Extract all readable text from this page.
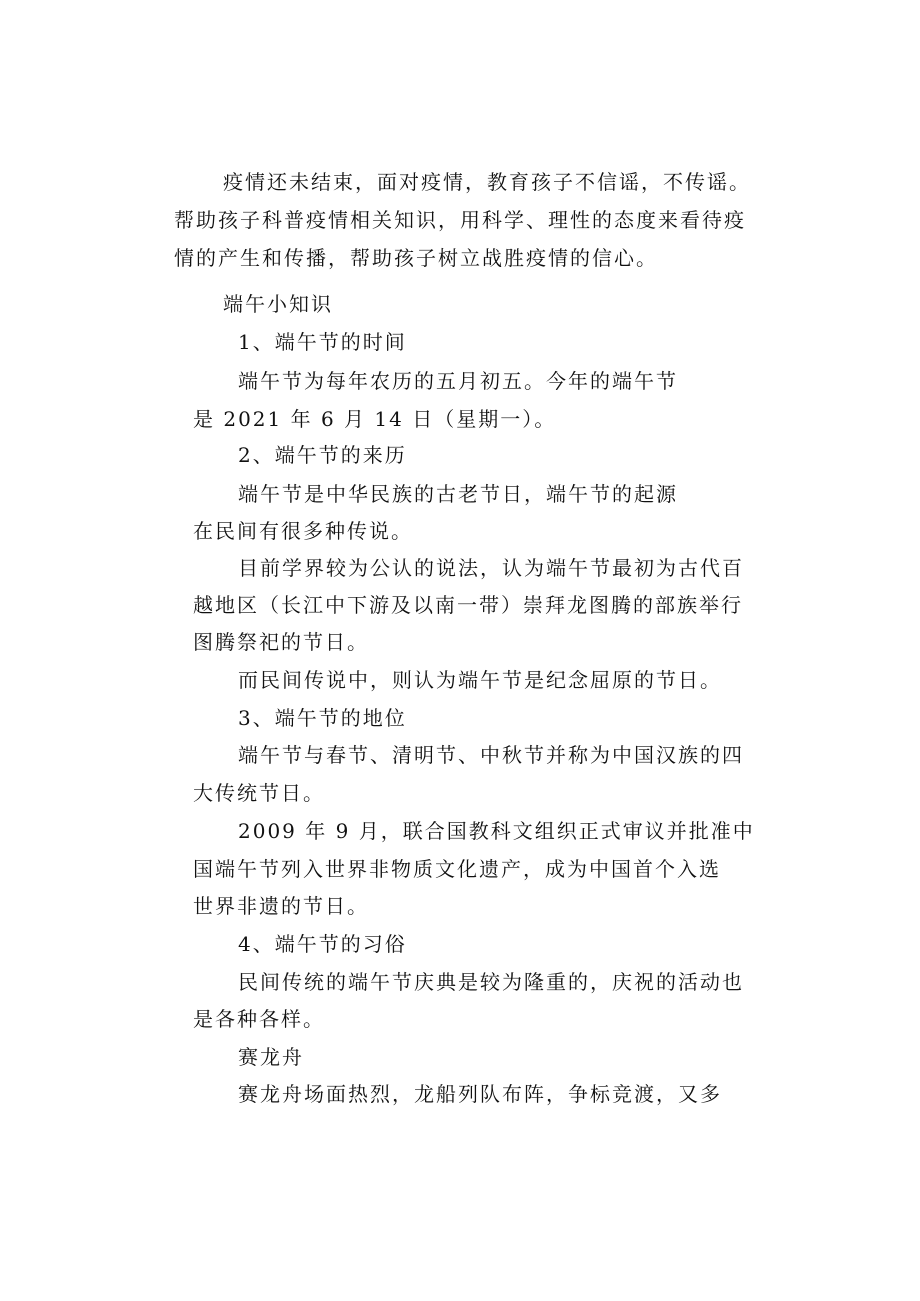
疫情还未结束，面对疫情，教育孩子不信谣，不传谣。
帮助孩子科普疫情相关知识，用科学、理性的态度来看待疫
情的产生和传播，帮助孩子树立战胜疫情的信心。
端午小知识
1、端午节的时间
端午节为每年农历的五月初五。今年的端午节
是 2021 年 6 月 14 日（星期一）。
2、端午节的来历
端午节是中华民族的古老节日，端午节的起源
在民间有很多种传说。
目前学界较为公认的说法，认为端午节最初为古代百
越地区（长江中下游及以南一带）崇拜龙图腾的部族举行
图腾祭祀的节日。
而民间传说中，则认为端午节是纪念屈原的节日。
3、端午节的地位
端午节与春节、清明节、中秋节并称为中国汉族的四
大传统节日。
2009 年 9 月，联合国教科文组织正式审议并批准中
国端午节列入世界非物质文化遗产，成为中国首个入选
世界非遗的节日。
4、端午节的习俗
民间传统的端午节庆典是较为隆重的，庆祝的活动也
是各种各样。
赛龙舟
赛龙舟场面热烈，龙船列队布阵，争标竞渡，又多
